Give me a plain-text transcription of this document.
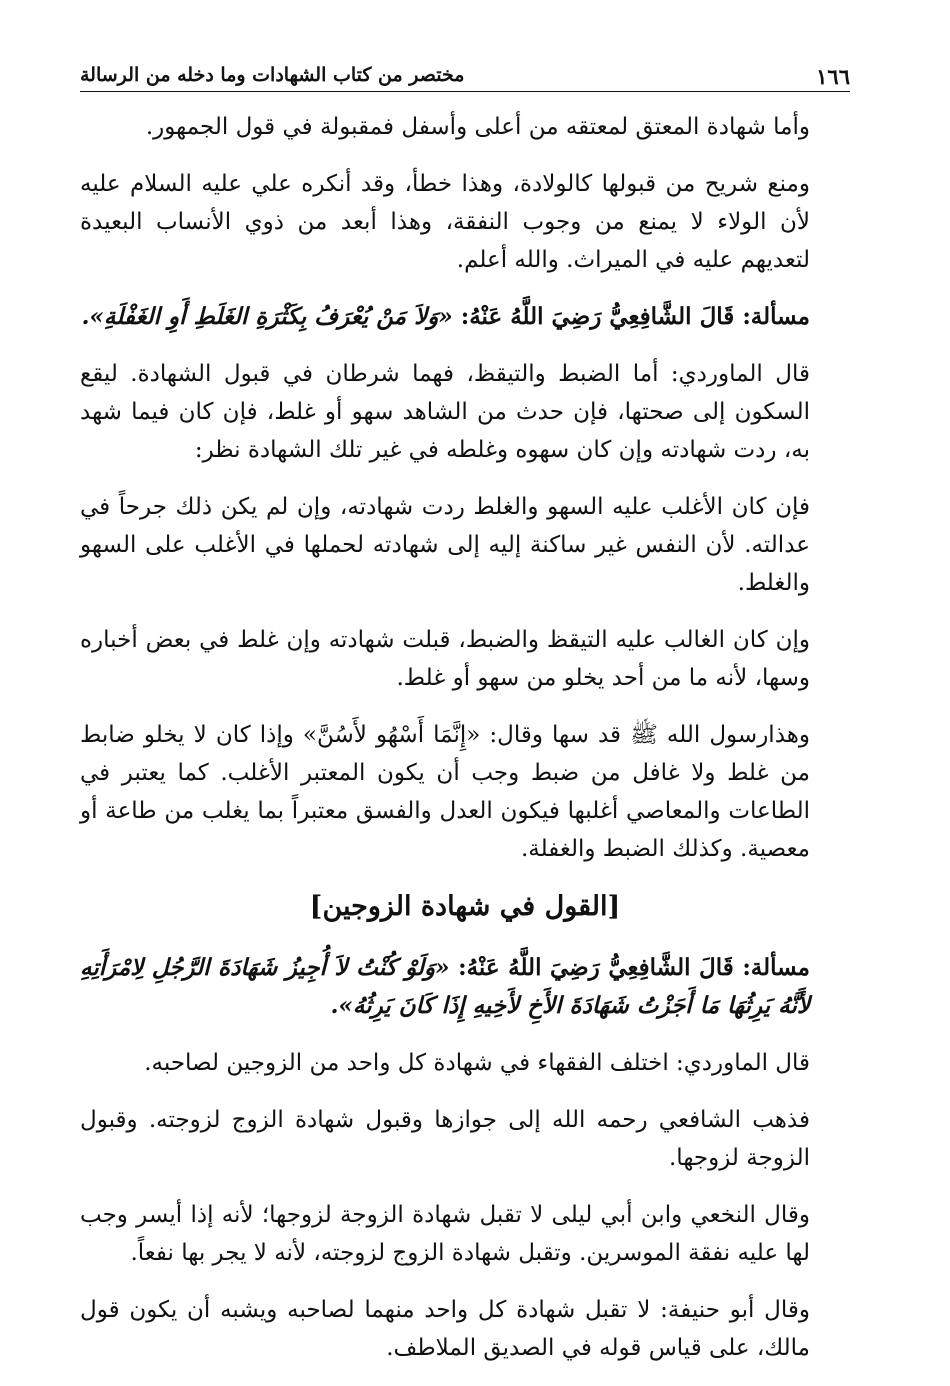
١٦٦
مختصر من كتاب الشهادات وما دخله من الرسالة

وأما شهادة المعتق لمعتقه من أعلى وأسفل فمقبولة في قول الجمهور.

ومنع شريح من قبولها كالولادة، وهذا خطأ، وقد أنكره علي عليه السلام عليه لأن الولاء لا يمنع من وجوب النفقة، وهذا أبعد من ذوي الأنساب البعيدة لتعديهم عليه في الميراث. والله أعلم.

مسألة: قَالَ الشَّافِعِيُّ رَضِيَ اللَّهُ عَنْهُ: «وَلاَ مَنْ يُعْرَفُ بِكَثْرَةِ الغَلَطِ أَوِ الغَفْلَةِ».

قال الماوردي: أما الضبط والتيقظ، فهما شرطان في قبول الشهادة. ليقع السكون إلى صحتها، فإن حدث من الشاهد سهو أو غلط، فإن كان فيما شهد به، ردت شهادته وإن كان سهوه وغلطه في غير تلك الشهادة نظر:

فإن كان الأغلب عليه السهو والغلط ردت شهادته، وإن لم يكن ذلك جرحاً في عدالته. لأن النفس غير ساكنة إليه إلى شهادته لحملها في الأغلب على السهو والغلط.

وإن كان الغالب عليه التيقظ والضبط، قبلت شهادته وإن غلط في بعض أخباره وسها، لأنه ما من أحد يخلو من سهو أو غلط.

وهذارسول الله ﷺ قد سها وقال: «إِنَّمَا أَسْهُو لأَسُنَّ» وإذا كان لا يخلو ضابط من غلط ولا غافل من ضبط وجب أن يكون المعتبر الأغلب. كما يعتبر في الطاعات والمعاصي أغلبها فيكون العدل والفسق معتبراً بما يغلب من طاعة أو معصية. وكذلك الضبط والغفلة.

[القول في شهادة الزوجين]

مسألة: قَالَ الشَّافِعِيُّ رَضِيَ اللَّهُ عَنْهُ: «وَلَوْ كُنْتُ لاَ أُجِيزُ شَهَادَةَ الرَّجُلِ لِامْرَأَتِهِ لأَنَّهُ يَرِثُهَا مَا أَجَزْتُ شَهَادَةَ الأَخِ لأَخِيهِ إِذَا كَانَ يَرِثُهُ».

قال الماوردي: اختلف الفقهاء في شهادة كل واحد من الزوجين لصاحبه.

فذهب الشافعي رحمه الله إلى جوازها وقبول شهادة الزوج لزوجته. وقبول الزوجة لزوجها.

وقال النخعي وابن أبي ليلى لا تقبل شهادة الزوجة لزوجها؛ لأنه إذا أيسر وجب لها عليه نفقة الموسرين. وتقبل شهادة الزوج لزوجته، لأنه لا يجر بها نفعاً.

وقال أبو حنيفة: لا تقبل شهادة كل واحد منهما لصاحبه ويشبه أن يكون قول مالك، على قياس قوله في الصديق الملاطف.
